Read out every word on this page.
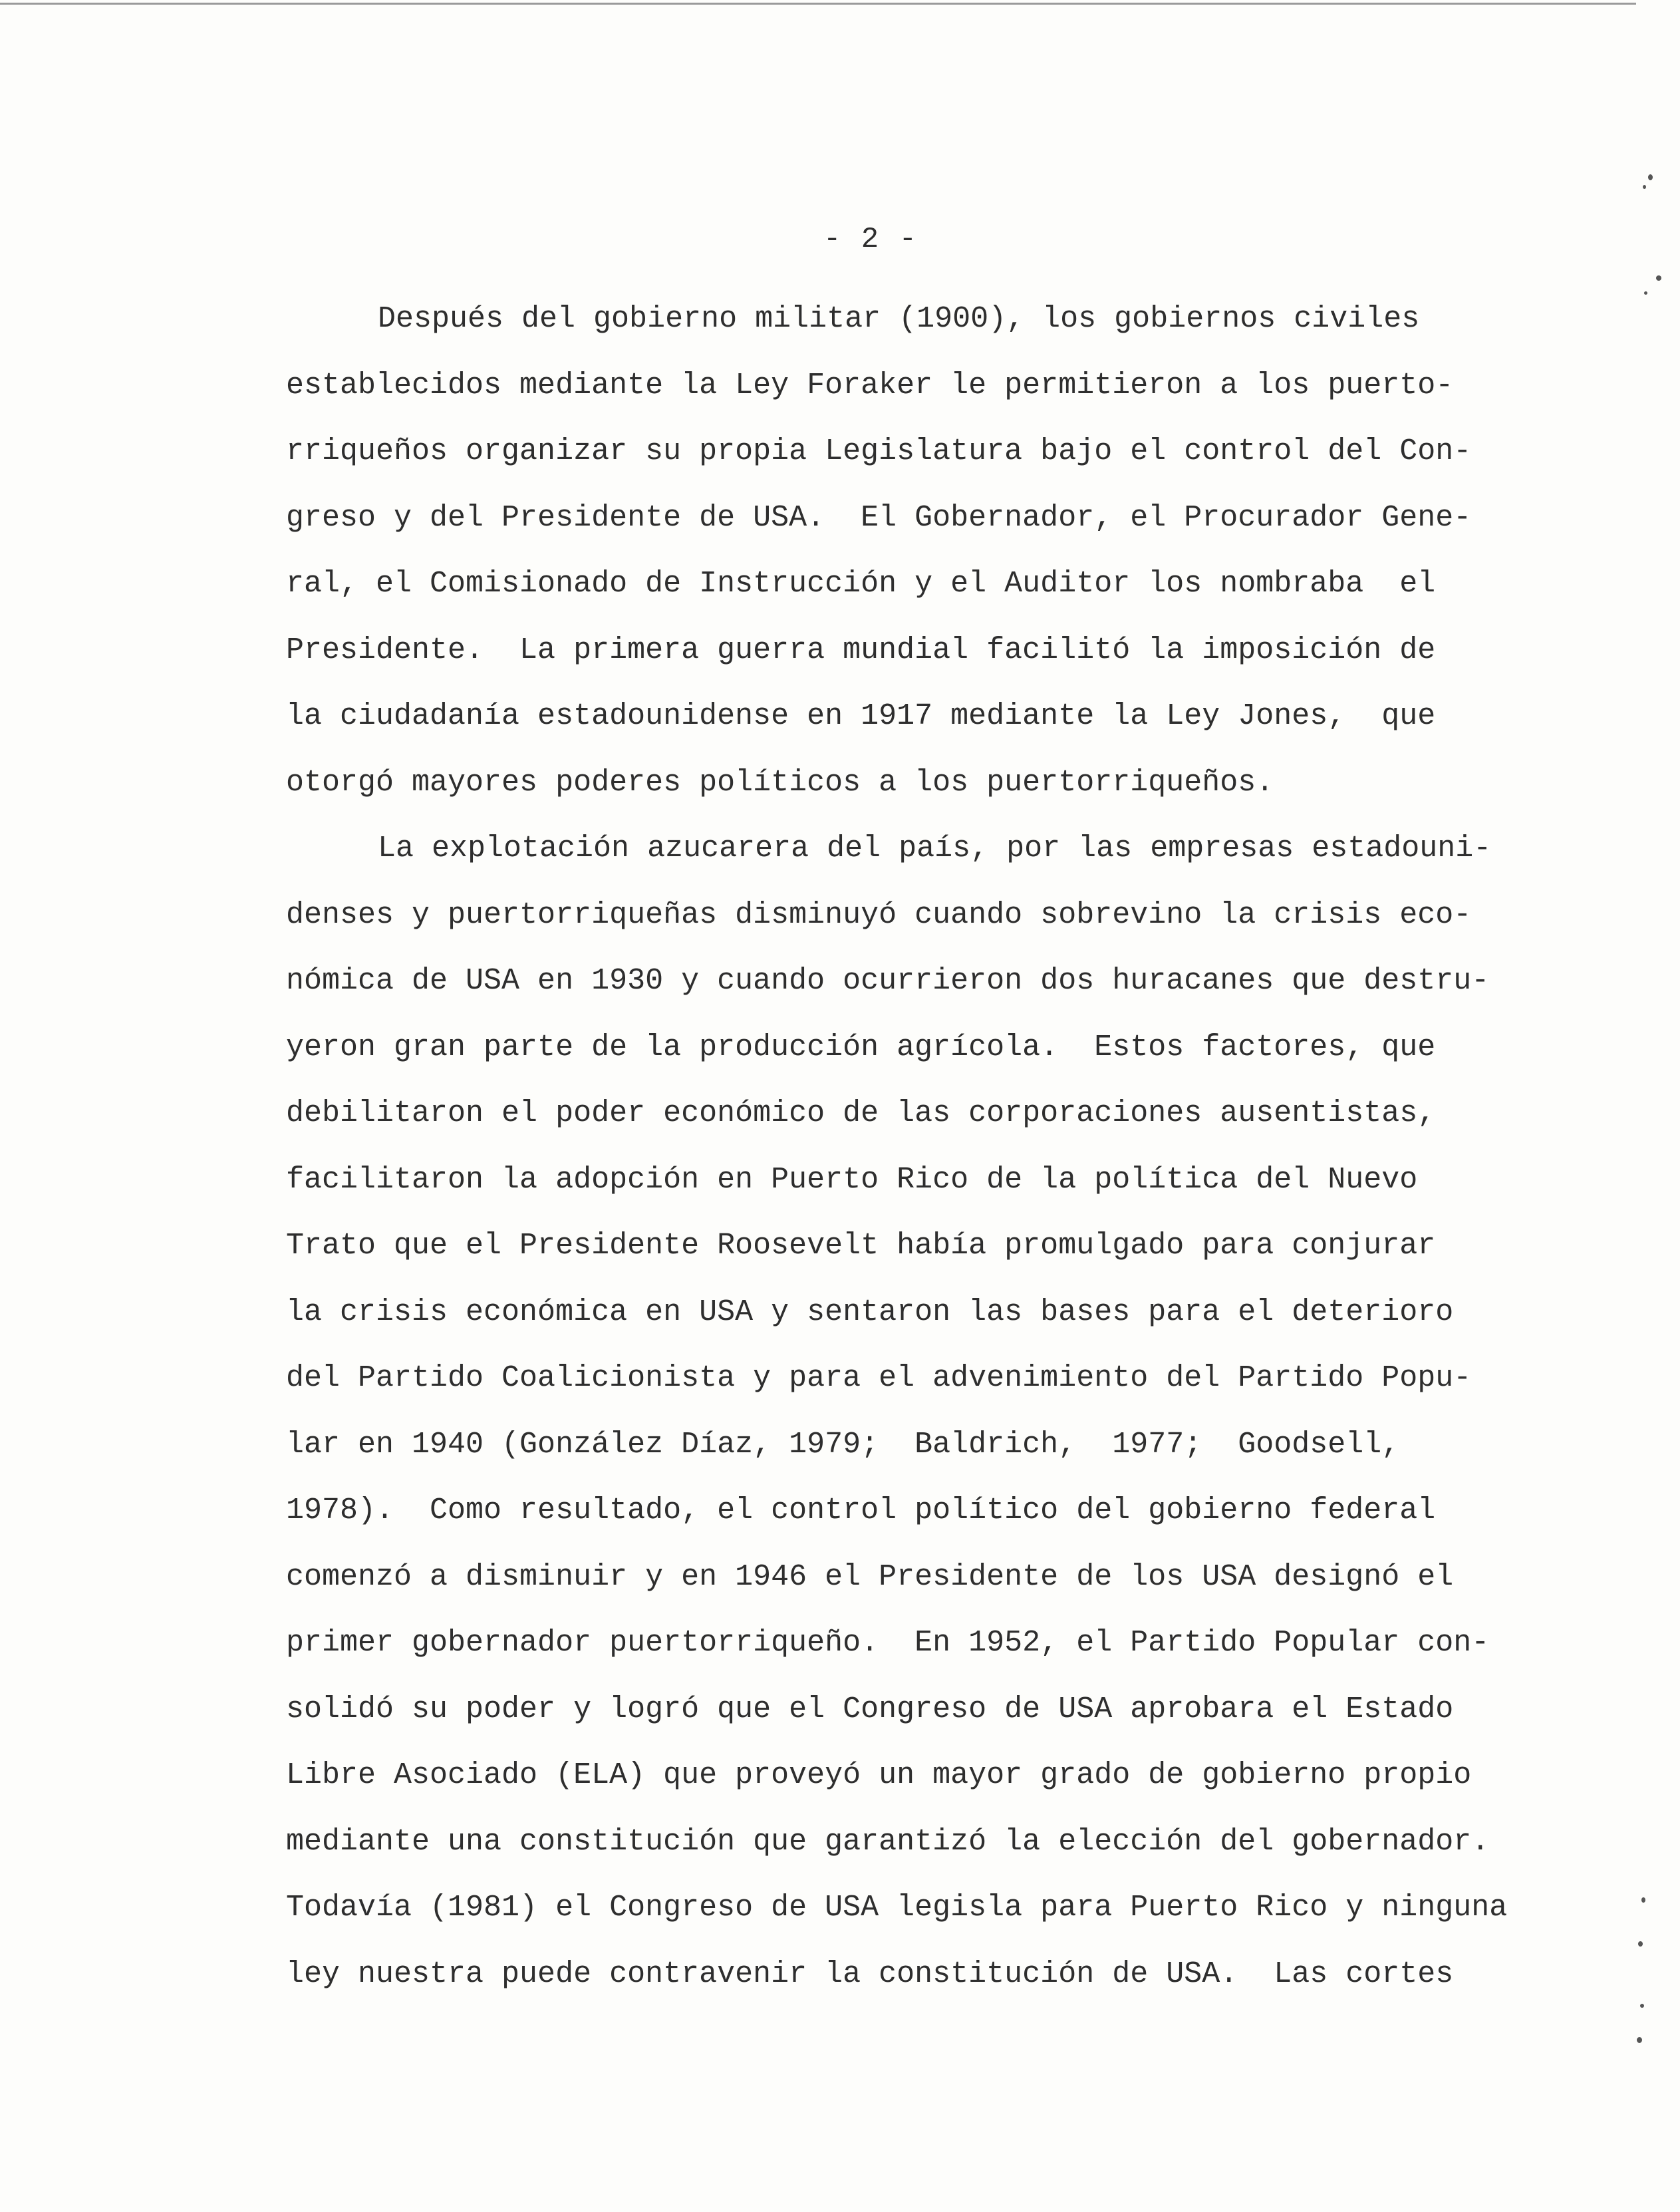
- 2 -
Después del gobierno militar (1900), los gobiernos civiles
establecidos mediante la Ley Foraker le permitieron a los puerto-
rriqueños organizar su propia Legislatura bajo el control del Con-
greso y del Presidente de USA.  El Gobernador, el Procurador Gene-
ral, el Comisionado de Instrucción y el Auditor los nombraba  el
Presidente.  La primera guerra mundial facilitó la imposición de
la ciudadanía estadounidense en 1917 mediante la Ley Jones,  que
otorgó mayores poderes políticos a los puertorriqueños.
La explotación azucarera del país, por las empresas estadouni-
denses y puertorriqueñas disminuyó cuando sobrevino la crisis eco-
nómica de USA en 1930 y cuando ocurrieron dos huracanes que destru-
yeron gran parte de la producción agrícola.  Estos factores, que
debilitaron el poder económico de las corporaciones ausentistas,
facilitaron la adopción en Puerto Rico de la política del Nuevo
Trato que el Presidente Roosevelt había promulgado para conjurar
la crisis económica en USA y sentaron las bases para el deterioro
del Partido Coalicionista y para el advenimiento del Partido Popu-
lar en 1940 (González Díaz, 1979;  Baldrich,  1977;  Goodsell,
1978).  Como resultado, el control político del gobierno federal
comenzó a disminuir y en 1946 el Presidente de los USA designó el
primer gobernador puertorriqueño.  En 1952, el Partido Popular con-
solidó su poder y logró que el Congreso de USA aprobara el Estado
Libre Asociado (ELA) que proveyó un mayor grado de gobierno propio
mediante una constitución que garantizó la elección del gobernador.
Todavía (1981) el Congreso de USA legisla para Puerto Rico y ninguna
ley nuestra puede contravenir la constitución de USA.  Las cortes
